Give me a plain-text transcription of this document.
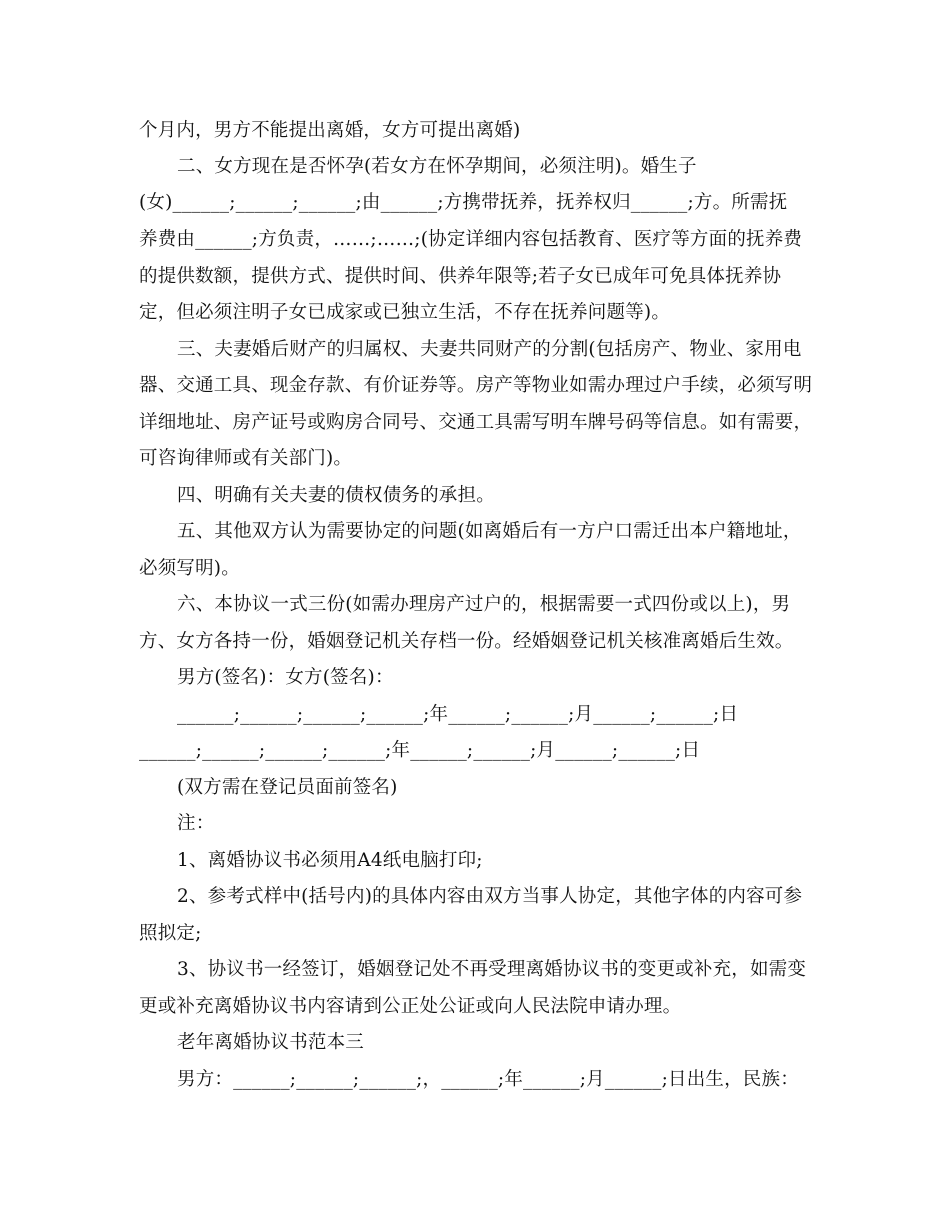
个月内，男方不能提出离婚，女方可提出离婚)
二、女方现在是否怀孕(若女方在怀孕期间，必须注明)。婚生子
(女)______;______;______;由______;方携带抚养，抚养权归______;方。所需抚
养费由______;方负责，……;……;(协定详细内容包括教育、医疗等方面的抚养费
的提供数额，提供方式、提供时间、供养年限等;若子女已成年可免具体抚养协
定，但必须注明子女已成家或已独立生活，不存在抚养问题等)。
三、夫妻婚后财产的归属权、夫妻共同财产的分割(包括房产、物业、家用电
器、交通工具、现金存款、有价证券等。房产等物业如需办理过户手续，必须写明
详细地址、房产证号或购房合同号、交通工具需写明车牌号码等信息。如有需要，
可咨询律师或有关部门)。
四、明确有关夫妻的债权债务的承担。
五、其他双方认为需要协定的问题(如离婚后有一方户口需迁出本户籍地址，
必须写明)。
六、本协议一式三份(如需办理房产过户的，根据需要一式四份或以上)，男
方、女方各持一份，婚姻登记机关存档一份。经婚姻登记机关核准离婚后生效。
男方(签名)：女方(签名)：
______;______;______;______;年______;______;月______;______;日
______;______;______;______;年______;______;月______;______;日
(双方需在登记员面前签名)
注：
1、离婚协议书必须用A4纸电脑打印;
2、参考式样中(括号内)的具体内容由双方当事人协定，其他字体的内容可参
照拟定;
3、协议书一经签订，婚姻登记处不再受理离婚协议书的变更或补充，如需变
更或补充离婚协议书内容请到公正处公证或向人民法院申请办理。
老年离婚协议书范本三
男方：______;______;______;，______;年______;月______;日出生，民族：
